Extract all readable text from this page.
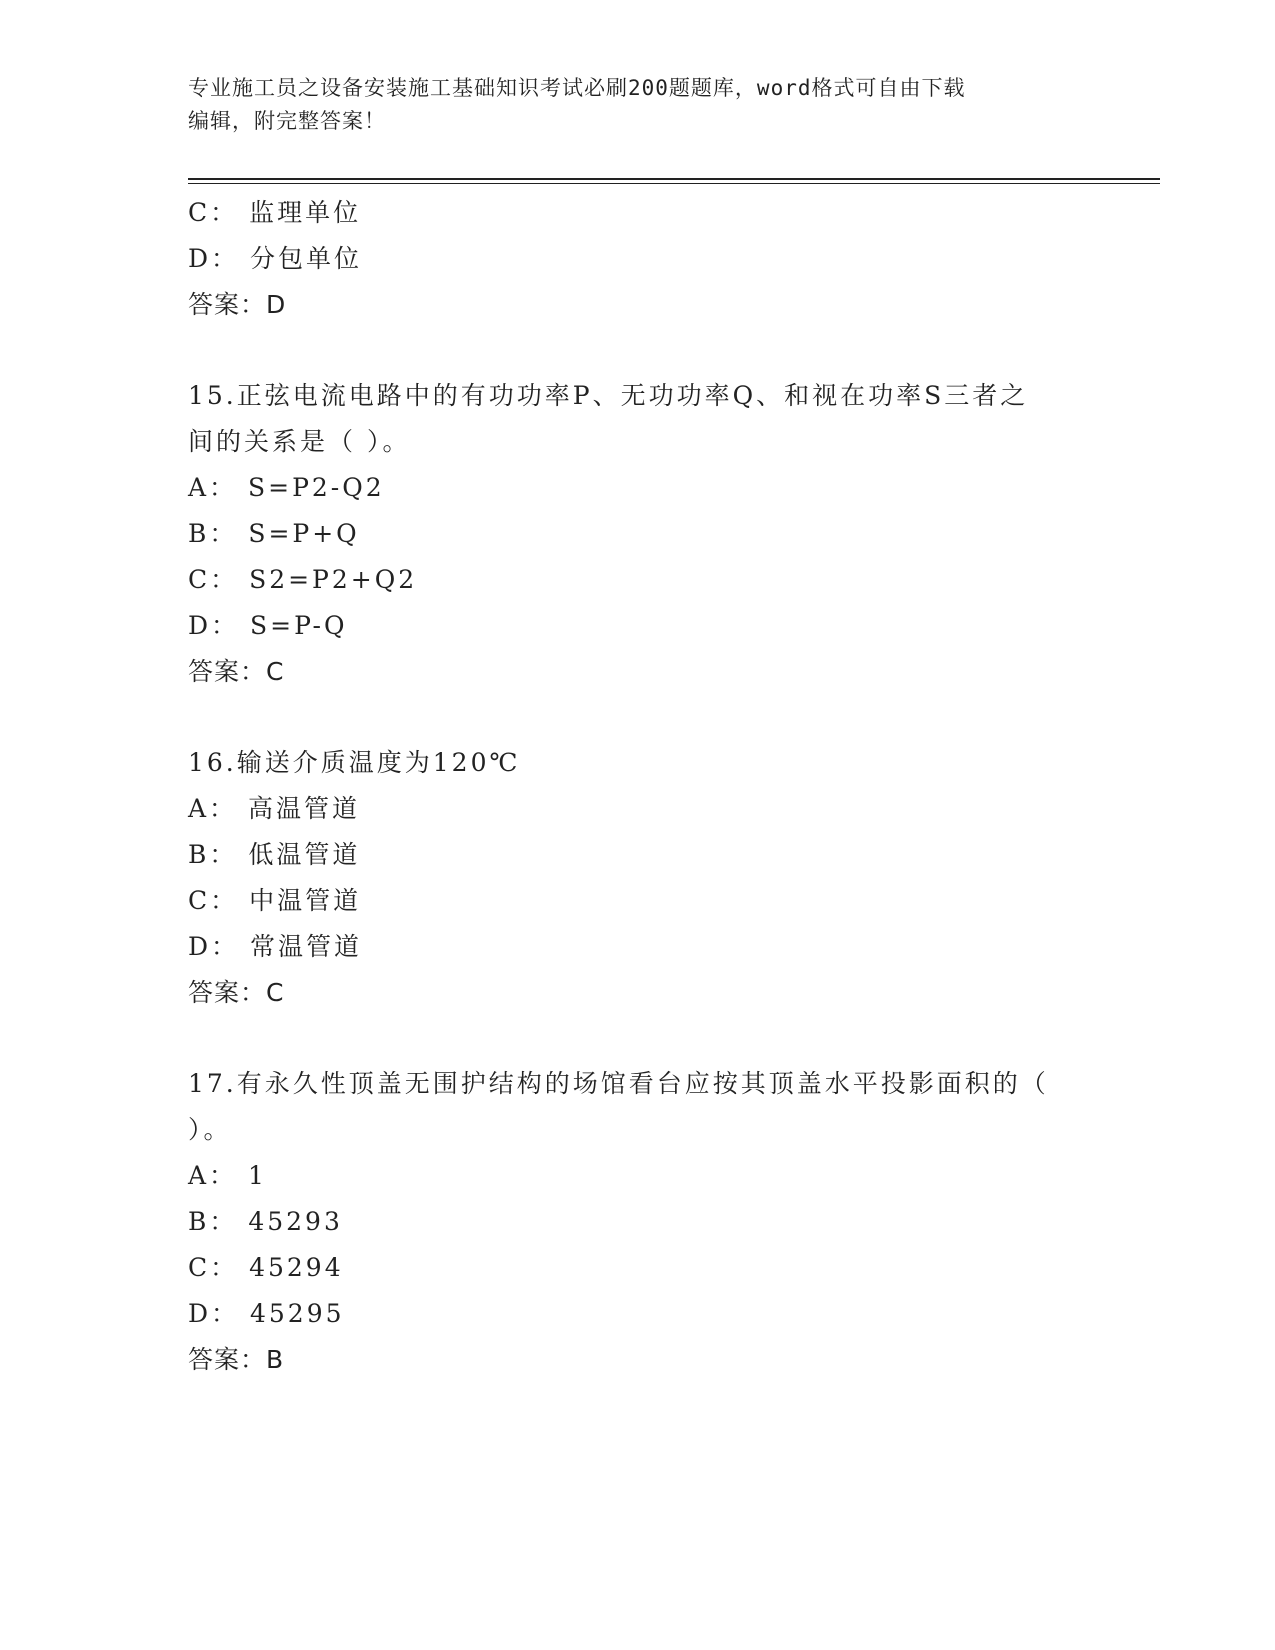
专业施工员之设备安装施工基础知识考试必刷200题题库，word格式可自由下载
编辑，附完整答案！
C： 监理单位
D： 分包单位
答案：D
15.正弦电流电路中的有功功率P、无功功率Q、和视在功率S三者之
间的关系是（ ）。
A： S=P2-Q2
B： S=P+Q
C： S2=P2+Q2
D： S=P-Q
答案：C
16.输送介质温度为120℃
A： 高温管道
B： 低温管道
C： 中温管道
D： 常温管道
答案：C
17.有永久性顶盖无围护结构的场馆看台应按其顶盖水平投影面积的（
）。
A： 1
B： 45293
C： 45294
D： 45295
答案：B
